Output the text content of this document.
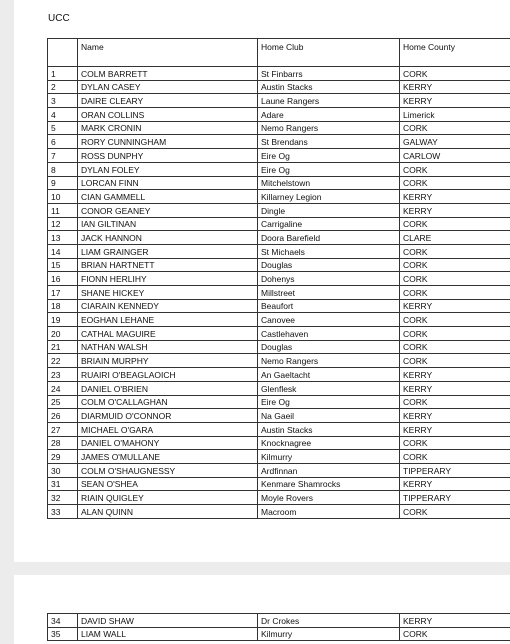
UCC
	Name	Home Club	Home County
1	COLM BARRETT	St Finbarrs	CORK
2	DYLAN CASEY	Austin Stacks	KERRY
3	DAIRE CLEARY	Laune Rangers	KERRY
4	ORAN COLLINS	Adare	Limerick
5	MARK CRONIN	Nemo Rangers	CORK
6	RORY CUNNINGHAM	St Brendans	GALWAY
7	ROSS DUNPHY	Eire Og	CARLOW
8	DYLAN FOLEY	Eire Og	CORK
9	LORCAN FINN	Mitchelstown	CORK
10	CIAN GAMMELL	Killarney Legion	KERRY
11	CONOR GEANEY	Dingle	KERRY
12	IAN GILTINAN	Carrigaline	CORK
13	JACK HANNON	Doora Barefield	CLARE
14	LIAM GRAINGER	St Michaels	CORK
15	BRIAN HARTNETT	Douglas	CORK
16	FIONN HERLIHY	Dohenys	CORK
17	SHANE HICKEY	Millstreet	CORK
18	CIARAIN KENNEDY	Beaufort	KERRY
19	EOGHAN LEHANE	Canovee	CORK
20	CATHAL MAGUIRE	Castlehaven	CORK
21	NATHAN WALSH	Douglas	CORK
22	BRIAIN MURPHY	Nemo Rangers	CORK
23	RUAIRI O'BEAGLAOICH	An Gaeltacht	KERRY
24	DANIEL O'BRIEN	Glenflesk	KERRY
25	COLM O'CALLAGHAN	Eire Og	CORK
26	DIARMUID O'CONNOR	Na Gaeil	KERRY
27	MICHAEL O'GARA	Austin Stacks	KERRY
28	DANIEL O'MAHONY	Knocknagree	CORK
29	JAMES O'MULLANE	Kilmurry	CORK
30	COLM O'SHAUGNESSY	Ardfinnan	TIPPERARY
31	SEAN O'SHEA	Kenmare Shamrocks	KERRY
32	RIAIN QUIGLEY	Moyle Rovers	TIPPERARY
33	ALAN QUINN	Macroom	CORK
34	DAVID SHAW	Dr Crokes	KERRY
35	LIAM WALL	Kilmurry	CORK
